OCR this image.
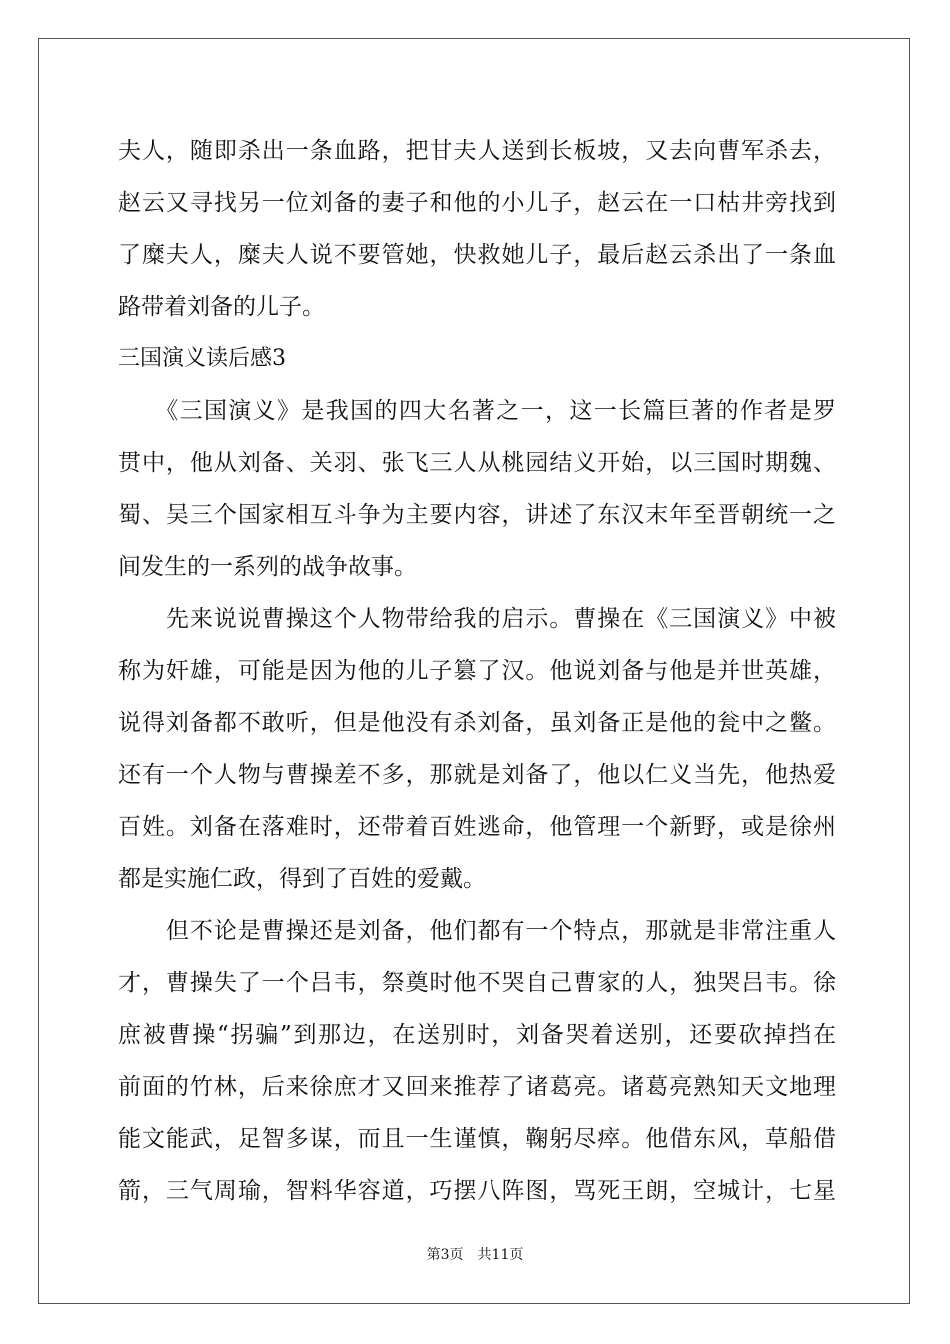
夫人，随即杀出一条血路，把甘夫人送到长板坡，又去向曹军杀去，
赵云又寻找另一位刘备的妻子和他的小儿子，赵云在一口枯井旁找到
了糜夫人，糜夫人说不要管她，快救她儿子，最后赵云杀出了一条血
路带着刘备的儿子。
三国演义读后感3
　　《三国演义》是我国的四大名著之一，这一长篇巨著的作者是罗
贯中，他从刘备、关羽、张飞三人从桃园结义开始，以三国时期魏、
蜀、吴三个国家相互斗争为主要内容，讲述了东汉末年至晋朝统一之
间发生的一系列的战争故事。
　　先来说说曹操这个人物带给我的启示。曹操在《三国演义》中被
称为奸雄，可能是因为他的儿子篡了汉。他说刘备与他是并世英雄，
说得刘备都不敢听，但是他没有杀刘备，虽刘备正是他的瓮中之鳖。
还有一个人物与曹操差不多，那就是刘备了，他以仁义当先，他热爱
百姓。刘备在落难时，还带着百姓逃命，他管理一个新野，或是徐州
都是实施仁政，得到了百姓的爱戴。
　　但不论是曹操还是刘备，他们都有一个特点，那就是非常注重人
才，曹操失了一个吕韦，祭奠时他不哭自己曹家的人，独哭吕韦。徐
庶被曹操“拐骗”到那边，在送别时，刘备哭着送别，还要砍掉挡在
前面的竹林，后来徐庶才又回来推荐了诸葛亮。诸葛亮熟知天文地理
能文能武，足智多谋，而且一生谨慎，鞠躬尽瘁。他借东风，草船借
箭，三气周瑜，智料华容道，巧摆八阵图，骂死王朗，空城计，七星
第3页　共11页
